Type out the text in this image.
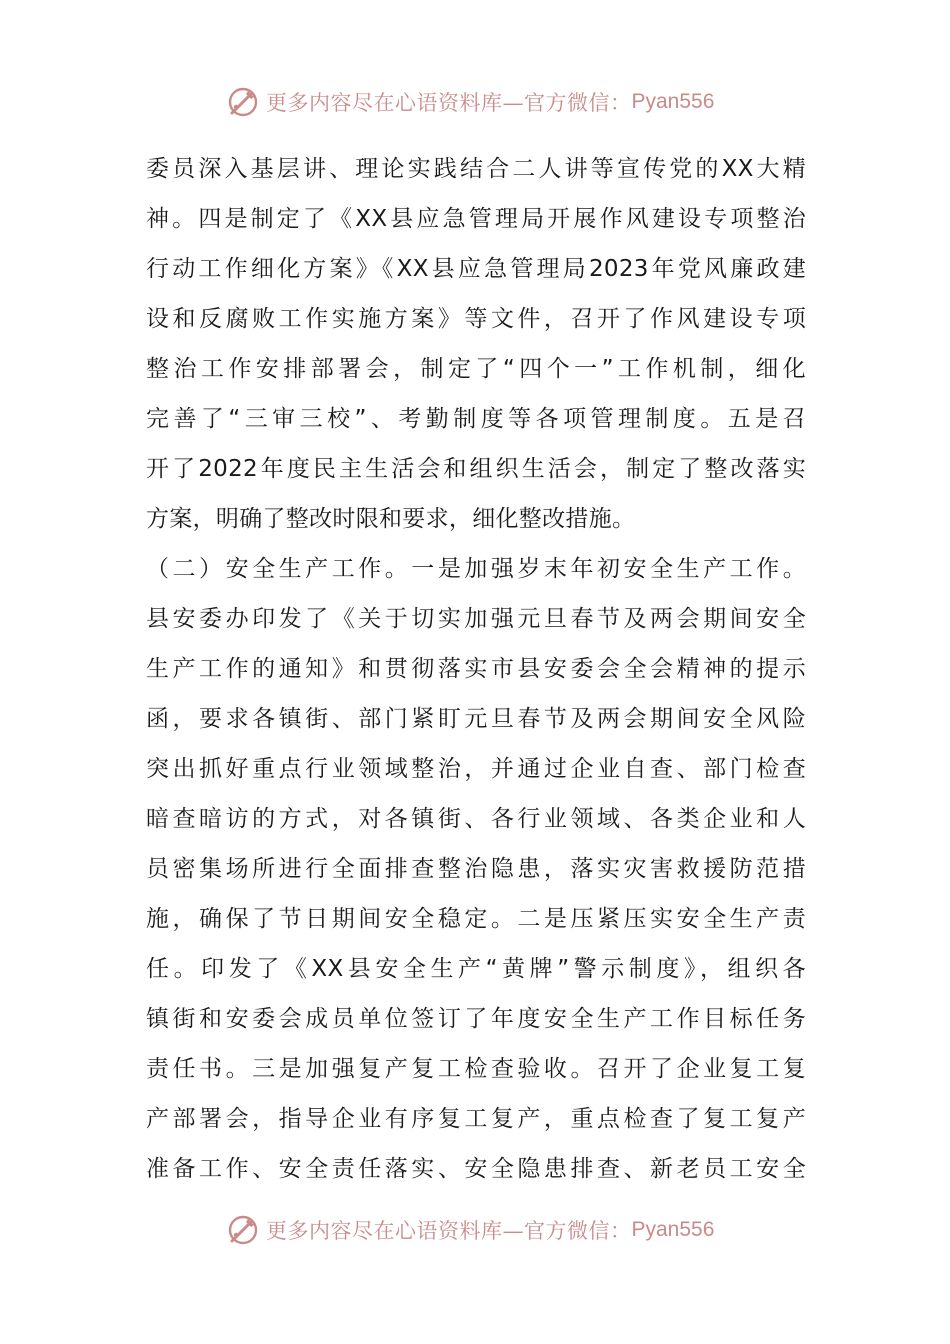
更多内容尽在心语资料库—官方微信： Pyan556
委员深入基层讲、理论实践结合二人讲等宣传党的XX大精
神。四是制定了《XX县应急管理局开展作风建设专项整治
行动工作细化方案》《XX县应急管理局2023年党风廉政建
设和反腐败工作实施方案》等文件，召开了作风建设专项
整治工作安排部署会，制定了“四个一”工作机制，细化
完善了“三审三校”、考勤制度等各项管理制度。五是召
开了2022年度民主生活会和组织生活会，制定了整改落实
方案，明确了整改时限和要求，细化整改措施。
（二）安全生产工作。一是加强岁末年初安全生产工作。
县安委办印发了《关于切实加强元旦春节及两会期间安全
生产工作的通知》和贯彻落实市县安委会全会精神的提示
函，要求各镇街、部门紧盯元旦春节及两会期间安全风险
突出抓好重点行业领域整治，并通过企业自查、部门检查
暗查暗访的方式，对各镇街、各行业领域、各类企业和人
员密集场所进行全面排查整治隐患，落实灾害救援防范措
施，确保了节日期间安全稳定。二是压紧压实安全生产责
任。印发了《XX县安全生产“黄牌”警示制度》，组织各
镇街和安委会成员单位签订了年度安全生产工作目标任务
责任书。三是加强复产复工检查验收。召开了企业复工复
产部署会，指导企业有序复工复产，重点检查了复工复产
准备工作、安全责任落实、安全隐患排查、新老员工安全
更多内容尽在心语资料库—官方微信： Pyan556
